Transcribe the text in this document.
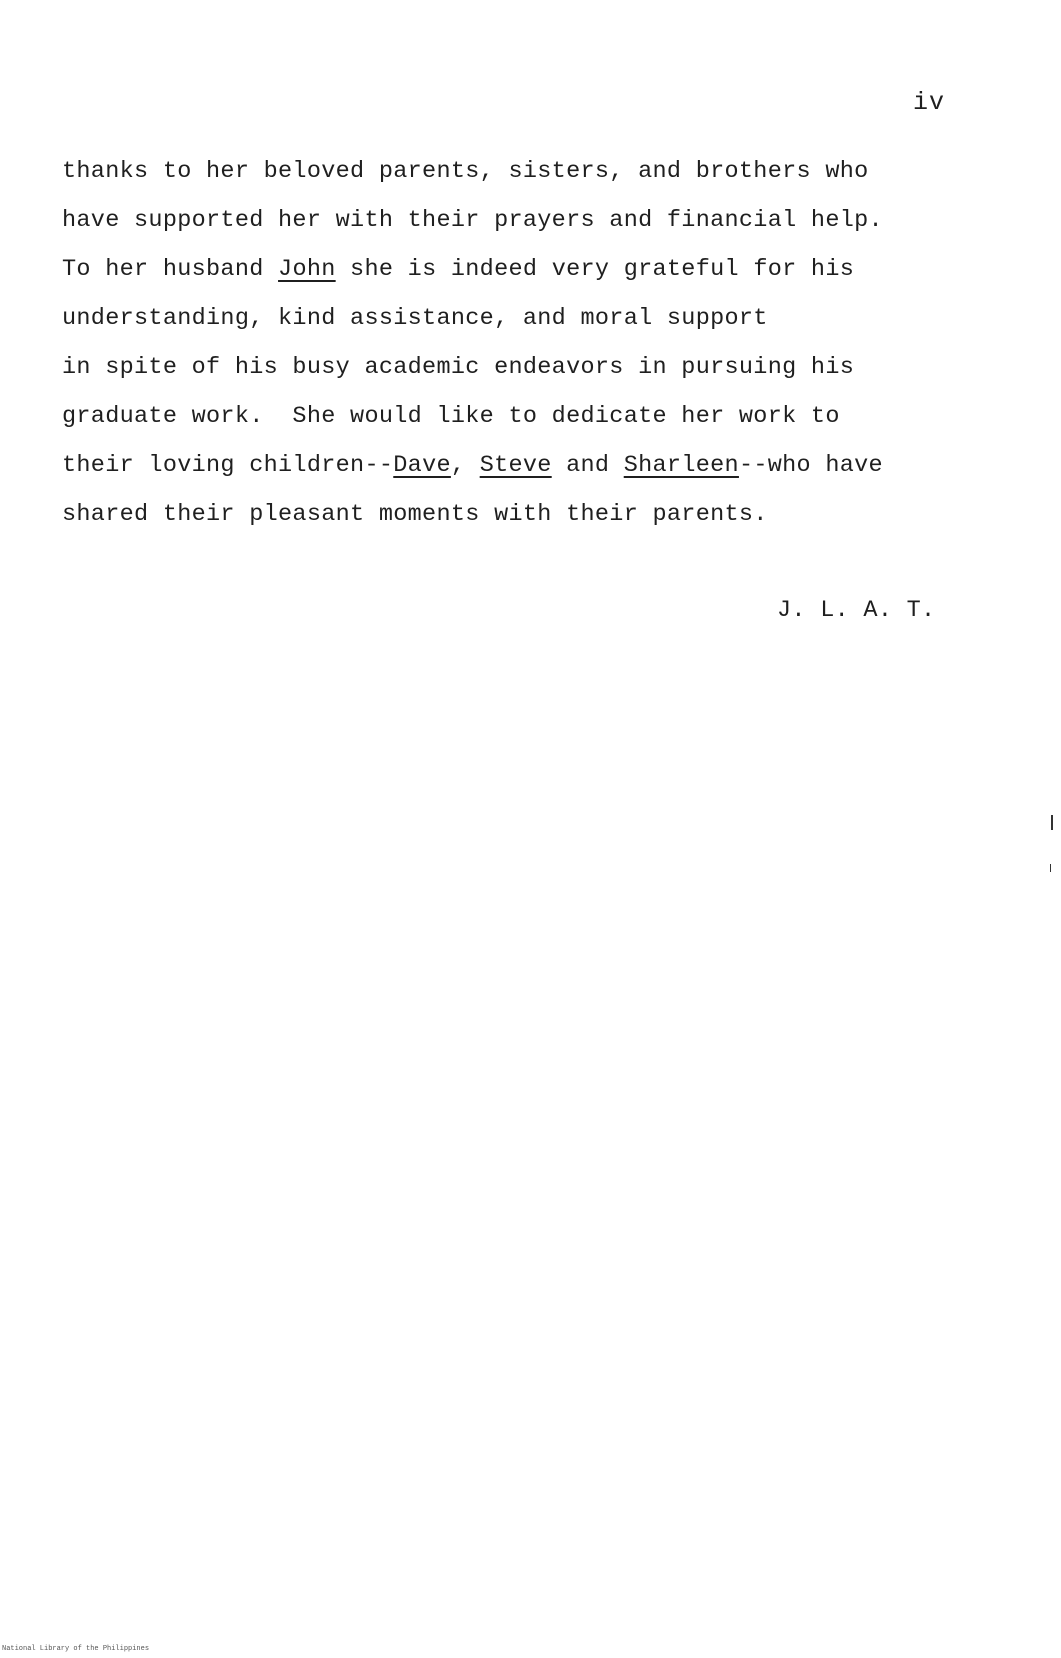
iv
thanks to her beloved parents, sisters, and brothers who
have supported her with their prayers and financial help.
To her husband John she is indeed very grateful for his
understanding, kind assistance, and moral support
in spite of his busy academic endeavors in pursuing his
graduate work.  She would like to dedicate her work to
their loving children--Dave, Steve and Sharleen--who have
shared their pleasant moments with their parents.
J. L. A. T.
National Library of the Philippines
